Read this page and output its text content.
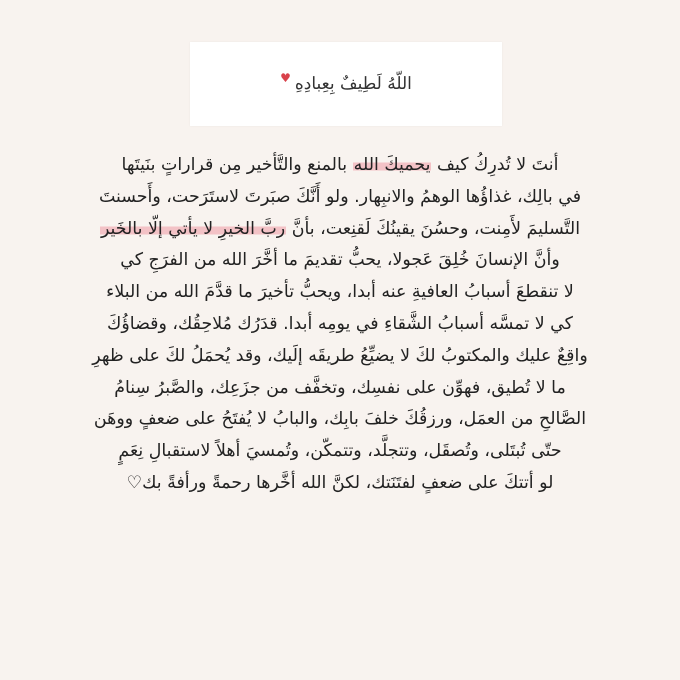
اللّهُ لَطِيفٌ بِعِبادِهِ
♥
أنتَ لا تُدرِكُ كيف يحميكَ الله بالمنع والتَّأخير مِن قراراتٍ بنَيتَها
في بالِك، غذاؤُها الوهمُ والانبِهار. ولو أَنَّكَ صبَرتَ لاستَرَحت، وأَحسنتَ
التَّسليمَ لأَمِنت، وحسُنَ يقينُكَ لَقنِعت، بأنَّ ربَّ الخيرِ لا يأتي إلّا بالخَير
وأنَّ الإنسانَ خُلِقَ عَجولا، يحبُّ تقديمَ ما أخَّرَ الله من الفرَجِ كي
لا تنقطعَ أسبابُ العافيةِ عنه أبدا، ويحبُّ تأخيرَ ما قدَّمَ الله من البلاء
كي لا تمسَّه أسبابُ الشَّقاءِ في يومِه أبدا. قدَرُك مُلاحِقُك، وقضاؤُكَ
واقِعٌ عليك والمكتوبُ لكَ لا يضيِّعُ طريقَه إلَيك، وقد يُحمَلُ لكَ على ظهرِ
ما لا تُطيق، فهوِّن على نفسِك، وتخفَّف من جزَعِك، والصَّبرُ سِنامُ
الصَّالحِ من العمَل، ورزقُكَ خلفَ بابِك، والبابُ لا يُفتَحُ على ضعفٍ ووهَن
حتّى تُبتَلى، وتُصقَل، وتتجلَّد، وتتمكّن، وتُمسيَ أهلاً لاستقبالِ نِعَمٍ
لو أتتكَ على ضعفٍ لفتَنَتك، لكنَّ الله أخَّرها رحمةً ورأفةً بك♡
